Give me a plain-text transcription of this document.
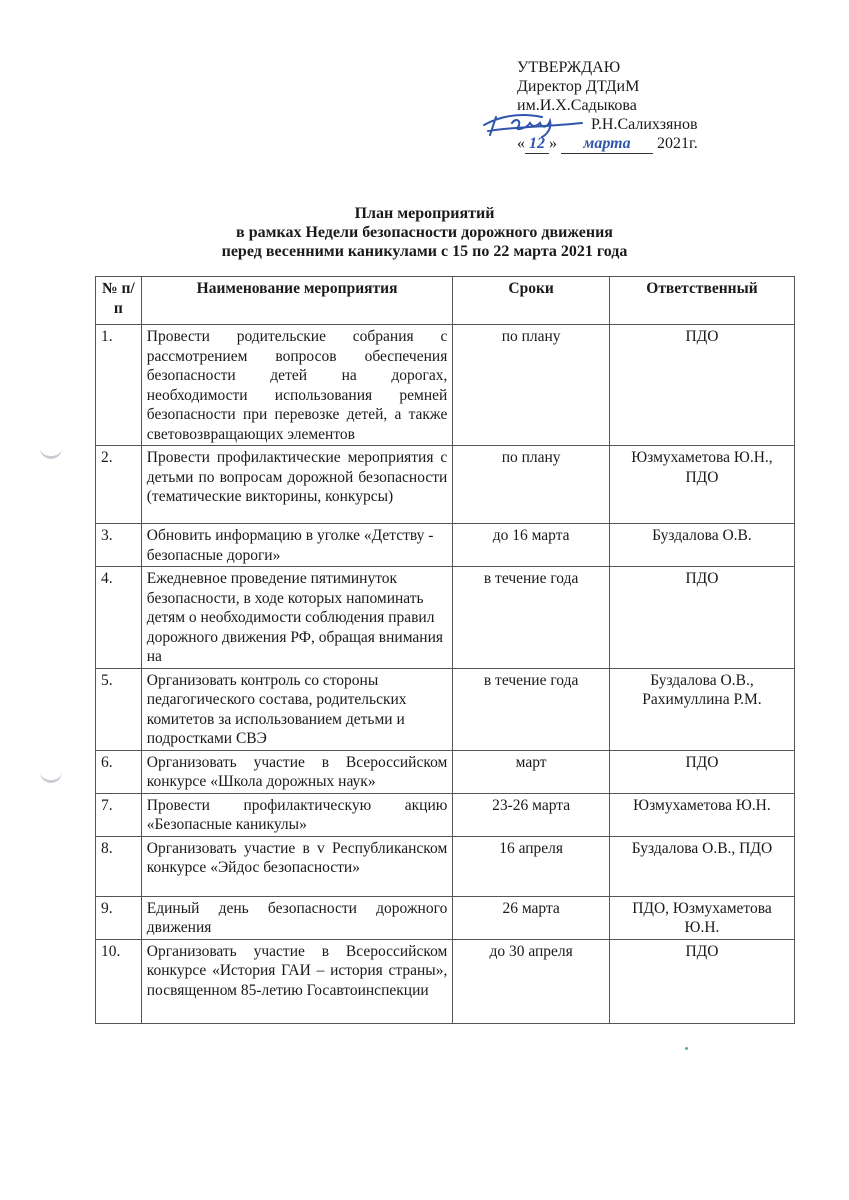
УТВЕРЖДАЮ
Директор ДТДиМ
им.И.Х.Садыкова
Р.Н.Салихзянов
« 12 » марта 2021г.
План мероприятий
в рамках Недели безопасности дорожного движения
перед весенними каникулами с 15 по 22 марта 2021 года
№ п/п	Наименование мероприятия	Сроки	Ответственный
1.	Провести родительские собрания с рассмотрением вопросов обеспечения безопасности детей на дорогах, необходимости использования ремней безопасности при перевозке детей, а также световозвращающих элементов	по плану	ПДО
2.	Провести профилактические мероприятия с детьми по вопросам дорожной безопасности (тематические викторины, конкурсы)	по плану	Юзмухаметова Ю.Н., ПДО
3.	Обновить информацию в уголке «Детству - безопасные дороги»	до 16 марта	Буздалова О.В.
4.	Ежедневное проведение пятиминуток безопасности, в ходе которых напоминать детям о необходимости соблюдения правил дорожного движения РФ, обращая внимания на	в течение года	ПДО
5.	Организовать контроль со стороны педагогического состава, родительских комитетов за использованием детьми и подростками СВЭ	в течение года	Буздалова О.В., Рахимуллина Р.М.
6.	Организовать участие в Всероссийском конкурсе «Школа дорожных наук»	март	ПДО
7.	Провести профилактическую акцию «Безопасные каникулы»	23-26 марта	Юзмухаметова Ю.Н.
8.	Организовать участие в v Республиканском конкурсе «Эйдос безопасности»	16 апреля	Буздалова О.В., ПДО
9.	Единый день безопасности дорожного движения	26 марта	ПДО, Юзмухаметова Ю.Н.
10.	Организовать участие в Всероссийском конкурсе «История ГАИ – история страны», посвященном 85-летию Госавтоинспекции	до 30 апреля	ПДО
